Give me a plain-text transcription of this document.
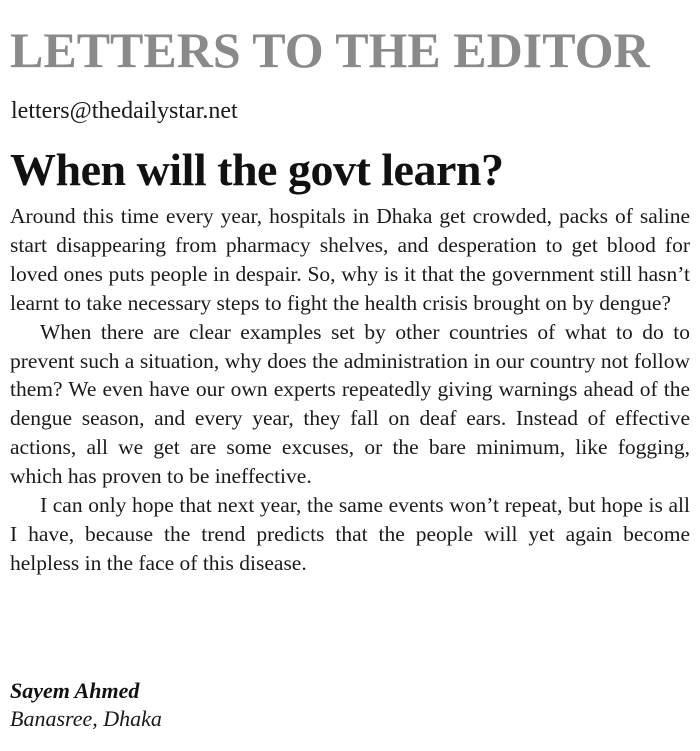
LETTERS TO THE EDITOR
letters@thedailystar.net
When will the govt learn?

Around this time every year, hospitals in Dhaka get crowded, packs of saline start disappearing from pharmacy shelves, and desperation to get blood for loved ones puts people in despair. So, why is it that the government still hasn’t learnt to take necessary steps to fight the health crisis brought on by dengue?

When there are clear examples set by other countries of what to do to prevent such a situation, why does the administration in our country not follow them? We even have our own experts repeatedly giving warnings ahead of the dengue season, and every year, they fall on deaf ears. Instead of effective actions, all we get are some excuses, or the bare minimum, like fogging, which has proven to be ineffective.

I can only hope that next year, the same events won’t repeat, but hope is all I have, because the trend predicts that the people will yet again become helpless in the face of this disease.

Sayem Ahmed
Banasree, Dhaka
